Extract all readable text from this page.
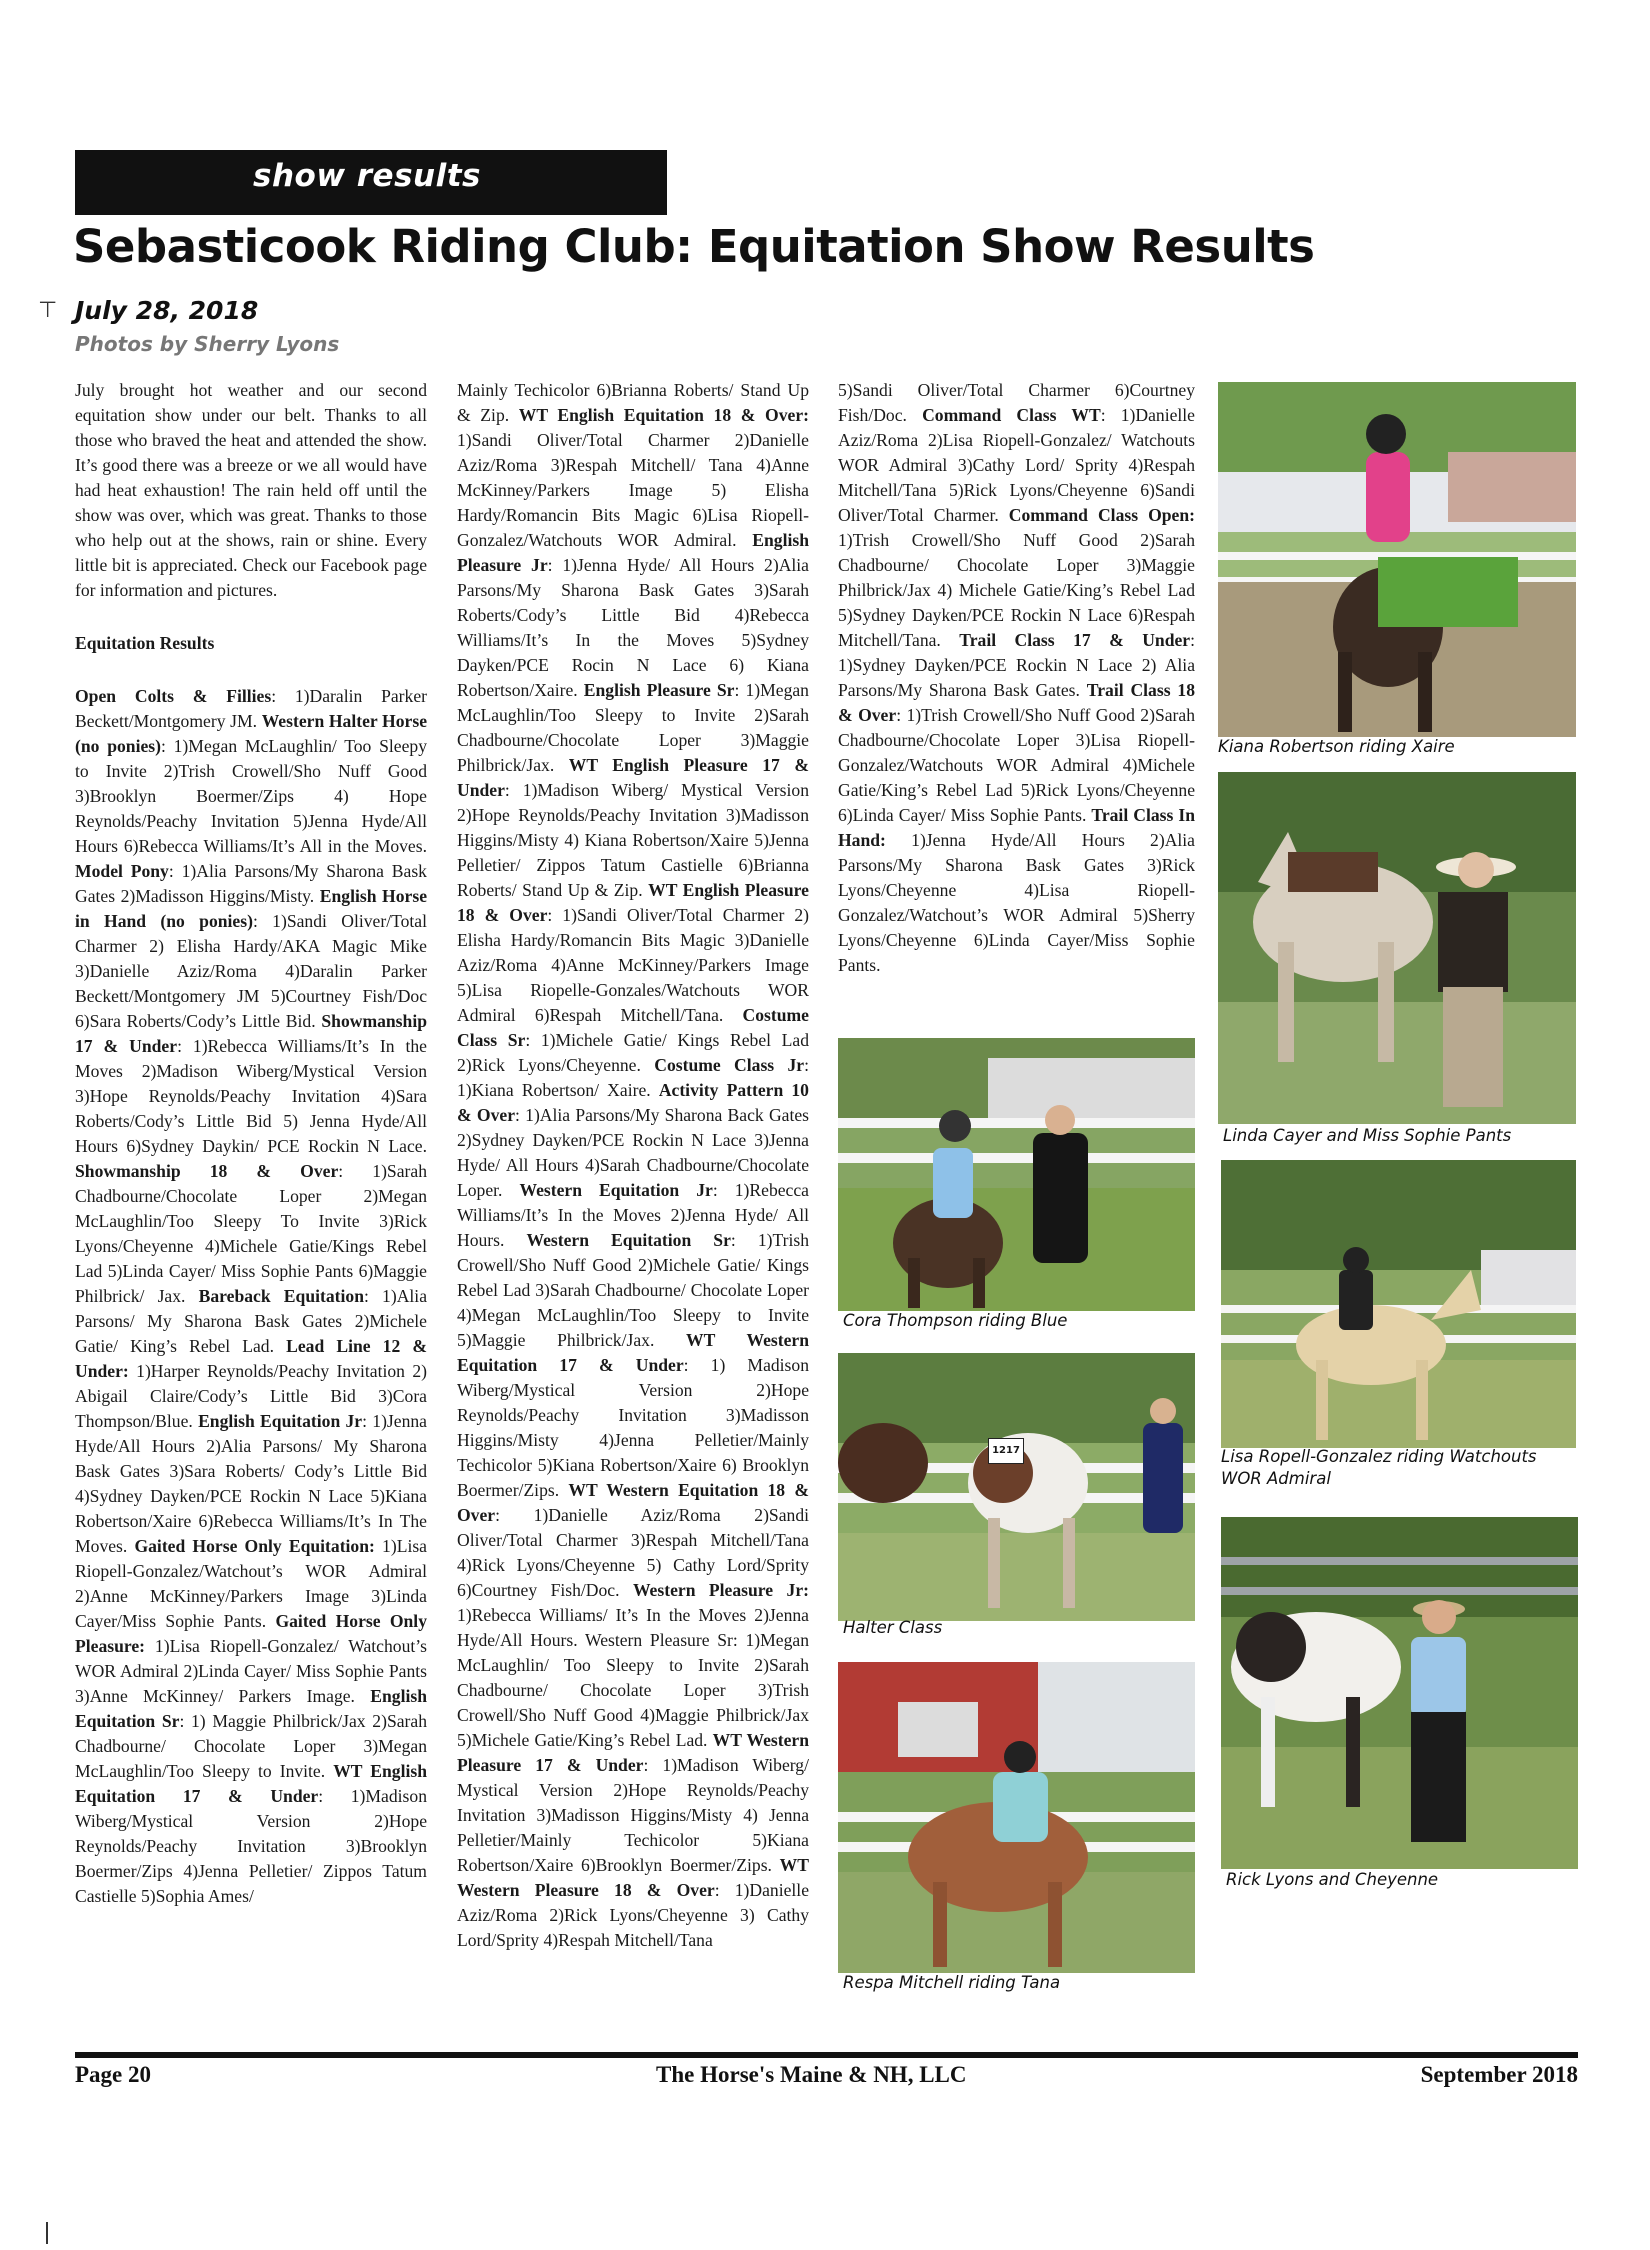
⊤
show results
Sebasticook Riding Club: Equitation Show Results
July 28, 2018
Photos by Sherry Lyons

July brought hot weather and our second equitation show under our belt. Thanks to all those who braved the heat and attended the show. It’s good there was a breeze or we all would have had heat exhaustion! The rain held off until the show was over, which was great. Thanks to those who help out at the shows, rain or shine. Every little bit is appreciated. Check our Facebook page for information and pictures.

Equitation Results

Open Colts & Fillies: 1)Daralin Parker Beckett/Montgomery JM. Western Halter Horse (no ponies): 1)Megan McLaughlin/ Too Sleepy to Invite 2)Trish Crowell/Sho Nuff Good 3)Brooklyn Boermer/Zips 4) Hope Reynolds/Peachy Invitation 5)Jenna Hyde/All Hours 6)Rebecca Williams/It’s All in the Moves. Model Pony: 1)Alia Parsons/My Sharona Bask Gates 2)Madisson Higgins/Misty. English Horse in Hand (no ponies): 1)Sandi Oliver/Total Charmer 2) Elisha Hardy/AKA Magic Mike 3)Danielle Aziz/Roma 4)Daralin Parker Beckett/Montgomery JM 5)Courtney Fish/Doc 6)Sara Roberts/Cody’s Little Bid. Showmanship 17 & Under: 1)Rebecca Williams/It’s In the Moves 2)Madison Wiberg/Mystical Version 3)Hope Reynolds/Peachy Invitation 4)Sara Roberts/Cody’s Little Bid 5) Jenna Hyde/All Hours 6)Sydney Daykin/ PCE Rockin N Lace. Showmanship 18 & Over: 1)Sarah Chadbourne/Chocolate Loper 2)Megan McLaughlin/Too Sleepy To Invite 3)Rick Lyons/Cheyenne 4)Michele Gatie/Kings Rebel Lad 5)Linda Cayer/ Miss Sophie Pants 6)Maggie Philbrick/ Jax. Bareback Equitation: 1)Alia Parsons/ My Sharona Bask Gates 2)Michele Gatie/ King’s Rebel Lad. Lead Line 12 & Under: 1)Harper Reynolds/Peachy Invitation 2) Abigail Claire/Cody’s Little Bid 3)Cora Thompson/Blue. English Equitation Jr: 1)Jenna Hyde/All Hours 2)Alia Parsons/ My Sharona Bask Gates 3)Sara Roberts/ Cody’s Little Bid 4)Sydney Dayken/PCE Rockin N Lace 5)Kiana Robertson/Xaire 6)Rebecca Williams/It’s In The Moves. Gaited Horse Only Equitation: 1)Lisa Riopell-Gonzalez/Watchout’s WOR Admiral 2)Anne McKinney/Parkers Image 3)Linda Cayer/Miss Sophie Pants. Gaited Horse Only Pleasure: 1)Lisa Riopell-Gonzalez/ Watchout’s WOR Admiral 2)Linda Cayer/ Miss Sophie Pants 3)Anne McKinney/ Parkers Image. English Equitation Sr: 1) Maggie Philbrick/Jax 2)Sarah Chadbourne/ Chocolate Loper 3)Megan McLaughlin/Too Sleepy to Invite. WT English Equitation 17 & Under: 1)Madison Wiberg/Mystical Version 2)Hope Reynolds/Peachy Invitation 3)Brooklyn Boermer/Zips 4)Jenna Pelletier/ Zippos Tatum Castielle 5)Sophia Ames/

Mainly Techicolor 6)Brianna Roberts/ Stand Up & Zip. WT English Equitation 18 & Over: 1)Sandi Oliver/Total Charmer 2)Danielle Aziz/Roma 3)Respah Mitchell/ Tana 4)Anne McKinney/Parkers Image 5) Elisha Hardy/Romancin Bits Magic 6)Lisa Riopell-Gonzalez/Watchouts WOR Admiral. English Pleasure Jr: 1)Jenna Hyde/ All Hours 2)Alia Parsons/My Sharona Bask Gates 3)Sarah Roberts/Cody’s Little Bid 4)Rebecca Williams/It’s In the Moves 5)Sydney Dayken/PCE Rocin N Lace 6) Kiana Robertson/Xaire. English Pleasure Sr: 1)Megan McLaughlin/Too Sleepy to Invite 2)Sarah Chadbourne/Chocolate Loper 3)Maggie Philbrick/Jax. WT English Pleasure 17 & Under: 1)Madison Wiberg/ Mystical Version 2)Hope Reynolds/Peachy Invitation 3)Madisson Higgins/Misty 4) Kiana Robertson/Xaire 5)Jenna Pelletier/ Zippos Tatum Castielle 6)Brianna Roberts/ Stand Up & Zip. WT English Pleasure 18 & Over: 1)Sandi Oliver/Total Charmer 2) Elisha Hardy/Romancin Bits Magic 3)Danielle Aziz/Roma 4)Anne McKinney/Parkers Image 5)Lisa Riopelle-Gonzales/Watchouts WOR Admiral 6)Respah Mitchell/Tana. Costume Class Sr: 1)Michele Gatie/ Kings Rebel Lad 2)Rick Lyons/Cheyenne. Costume Class Jr: 1)Kiana Robertson/ Xaire. Activity Pattern 10 & Over: 1)Alia Parsons/My Sharona Back Gates 2)Sydney Dayken/PCE Rockin N Lace 3)Jenna Hyde/ All Hours 4)Sarah Chadbourne/Chocolate Loper. Western Equitation Jr: 1)Rebecca Williams/It’s In the Moves 2)Jenna Hyde/ All Hours. Western Equitation Sr: 1)Trish Crowell/Sho Nuff Good 2)Michele Gatie/ Kings Rebel Lad 3)Sarah Chadbourne/ Chocolate Loper 4)Megan McLaughlin/Too Sleepy to Invite 5)Maggie Philbrick/Jax. WT Western Equitation 17 & Under: 1) Madison Wiberg/Mystical Version 2)Hope Reynolds/Peachy Invitation 3)Madisson Higgins/Misty 4)Jenna Pelletier/Mainly Techicolor 5)Kiana Robertson/Xaire 6) Brooklyn Boermer/Zips. WT Western Equitation 18 & Over: 1)Danielle Aziz/Roma 2)Sandi Oliver/Total Charmer 3)Respah Mitchell/Tana 4)Rick Lyons/Cheyenne 5) Cathy Lord/Sprity 6)Courtney Fish/Doc. Western Pleasure Jr: 1)Rebecca Williams/ It’s In the Moves 2)Jenna Hyde/All Hours. Western Pleasure Sr: 1)Megan McLaughlin/ Too Sleepy to Invite 2)Sarah Chadbourne/ Chocolate Loper 3)Trish Crowell/Sho Nuff Good 4)Maggie Philbrick/Jax 5)Michele Gatie/King’s Rebel Lad. WT Western Pleasure 17 & Under: 1)Madison Wiberg/ Mystical Version 2)Hope Reynolds/Peachy Invitation 3)Madisson Higgins/Misty 4) Jenna Pelletier/Mainly Techicolor 5)Kiana Robertson/Xaire 6)Brooklyn Boermer/Zips. WT Western Pleasure 18 & Over: 1)Danielle Aziz/Roma 2)Rick Lyons/Cheyenne 3) Cathy Lord/Sprity 4)Respah Mitchell/Tana

5)Sandi Oliver/Total Charmer 6)Courtney Fish/Doc. Command Class WT: 1)Danielle Aziz/Roma 2)Lisa Riopell-Gonzalez/ Watchouts WOR Admiral 3)Cathy Lord/ Sprity 4)Respah Mitchell/Tana 5)Rick Lyons/Cheyenne 6)Sandi Oliver/Total Charmer. Command Class Open: 1)Trish Crowell/Sho Nuff Good 2)Sarah Chadbourne/ Chocolate Loper 3)Maggie Philbrick/Jax 4) Michele Gatie/King’s Rebel Lad 5)Sydney Dayken/PCE Rockin N Lace 6)Respah Mitchell/Tana. Trail Class 17 & Under: 1)Sydney Dayken/PCE Rockin N Lace 2) Alia Parsons/My Sharona Bask Gates. Trail Class 18 & Over: 1)Trish Crowell/Sho Nuff Good 2)Sarah Chadbourne/Chocolate Loper 3)Lisa Riopell-Gonzalez/Watchouts WOR Admiral 4)Michele Gatie/King’s Rebel Lad 5)Rick Lyons/Cheyenne 6)Linda Cayer/ Miss Sophie Pants. Trail Class In Hand: 1)Jenna Hyde/All Hours 2)Alia Parsons/My Sharona Bask Gates 3)Rick Lyons/Cheyenne 4)Lisa Riopell-Gonzalez/Watchout’s WOR Admiral 5)Sherry Lyons/Cheyenne 6)Linda Cayer/Miss Sophie Pants.

Kiana Robertson riding Xaire
Linda Cayer and Miss Sophie Pants
Cora Thompson riding Blue
Lisa Ropell-Gonzalez riding Watchouts WOR Admiral
1217
Halter Class
Rick Lyons and Cheyenne
Respa Mitchell riding Tana
Page 20	The Horse's Maine & NH, LLC	September 2018
